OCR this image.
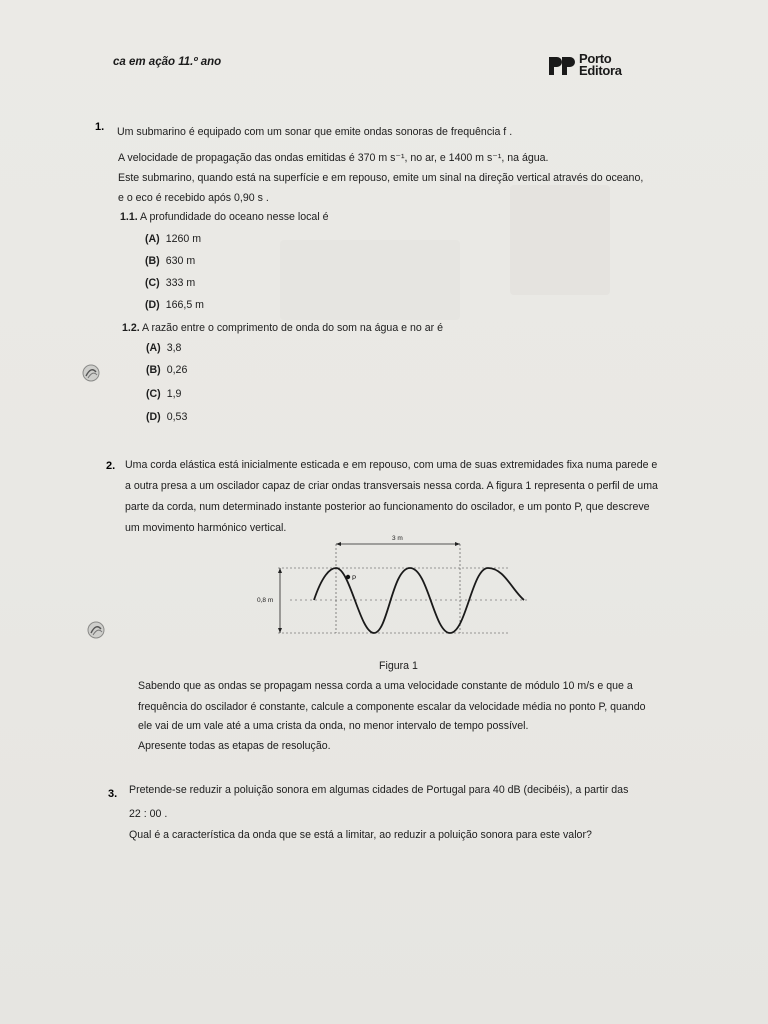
ca em ação 11.º ano	Porto
Editora
1. Um submarino é equipado com um sonar que emite ondas sonoras de frequência f .
A velocidade de propagação das ondas emitidas é 370 m s⁻¹, no ar, e 1400 m s⁻¹, na água.
Este submarino, quando está na superfície e em repouso, emite um sinal na direção vertical através do oceano,
e o eco é recebido após 0,90 s .
1.1. A profundidade do oceano nesse local é
(A) 1260 m
(B) 630 m
(C) 333 m
(D) 166,5 m
1.2. A razão entre o comprimento de onda do som na água e no ar é
(A) 3,8
(B) 0,26
(C) 1,9
(D) 0,53
2. Uma corda elástica está inicialmente esticada e em repouso, com uma de suas extremidades fixa numa parede e
a outra presa a um oscilador capaz de criar ondas transversais nessa corda. A figura 1 representa o perfil de uma
parte da corda, num determinado instante posterior ao funcionamento do oscilador, e um ponto P, que descreve
um movimento harmónico vertical.
3 m
0,8 m
P
Figura 1
Sabendo que as ondas se propagam nessa corda a uma velocidade constante de módulo 10 m/s e que a
frequência do oscilador é constante, calcule a componente escalar da velocidade média no ponto P, quando
ele vai de um vale até a uma crista da onda, no menor intervalo de tempo possível.
Apresente todas as etapas de resolução.
3. Pretende-se reduzir a poluição sonora em algumas cidades de Portugal para 40 dB (decibéis), a partir das
22 : 00 .
Qual é a característica da onda que se está a limitar, ao reduzir a poluição sonora para este valor?
